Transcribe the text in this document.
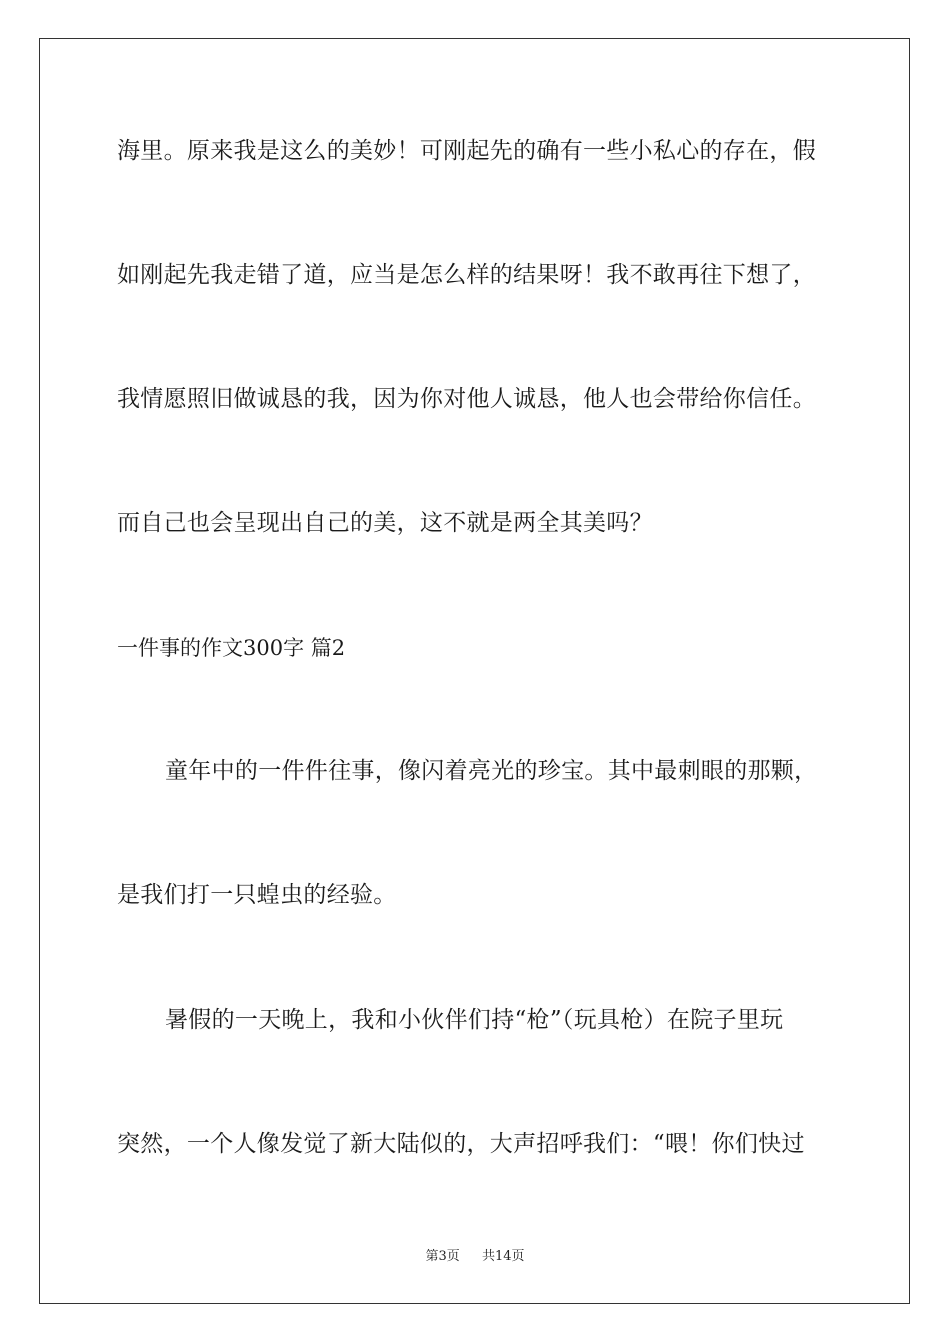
海里。原来我是这么的美妙！可刚起先的确有一些小私心的存在，假
如刚起先我走错了道，应当是怎么样的结果呀！我不敢再往下想了，
我情愿照旧做诚恳的我，因为你对他人诚恳，他人也会带给你信任。
而自己也会呈现出自己的美，这不就是两全其美吗？
一件事的作文300字 篇2
童年中的一件件往事，像闪着亮光的珍宝。其中最刺眼的那颗，
是我们打一只蝗虫的经验。
暑假的一天晚上，我和小伙伴们持“枪”（玩具枪）在院子里玩
突然，一个人像发觉了新大陆似的，大声招呼我们：“喂！你们快过
第3页 共14页
